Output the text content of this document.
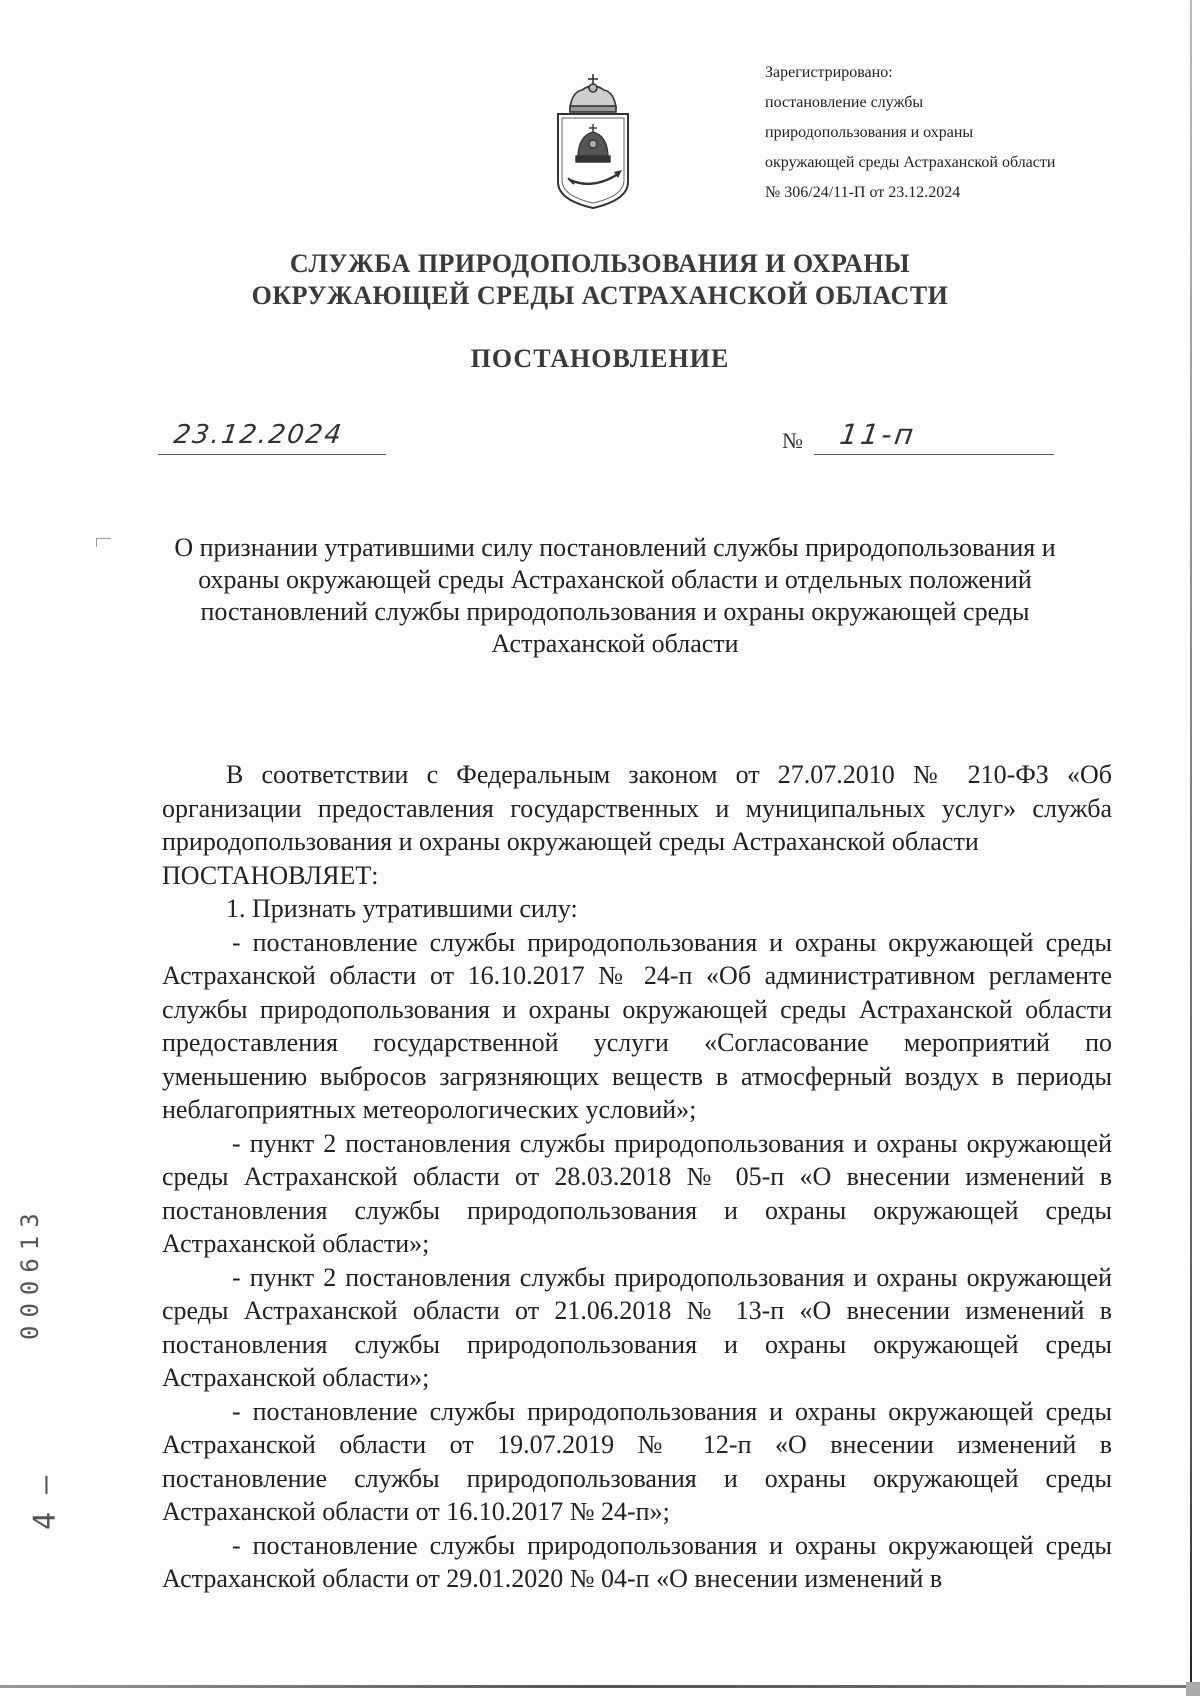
Зарегистрировано:
постановление службы
природопользования и охраны
окружающей среды Астраханской области
№ 306/24/11-П от 23.12.2024
СЛУЖБА ПРИРОДОПОЛЬЗОВАНИЯ И ОХРАНЫ
ОКРУЖАЮЩЕЙ СРЕДЫ АСТРАХАНСКОЙ ОБЛАСТИ
ПОСТАНОВЛЕНИЕ
23.12.2024	№ 11-п
О признании утратившими силу постановлений службы природопользования и охраны окружающей среды Астраханской области и отдельных положений постановлений службы природопользования и охраны окружающей среды Астраханской области

В соответствии с Федеральным законом от 27.07.2010 № 210-ФЗ «Об организации предоставления государственных и муниципальных услуг» служба природопользования и охраны окружающей среды Астраханской области

ПОСТАНОВЛЯЕТ:

1. Признать утратившими силу:

- постановление службы природопользования и охраны окружающей среды Астраханской области от 16.10.2017 № 24-п «Об административном регламенте службы природопользования и охраны окружающей среды Астраханской области предоставления государственной услуги «Согласование мероприятий по уменьшению выбросов загрязняющих веществ в атмосферный воздух в периоды неблагоприятных метеорологических условий»;

- пункт 2 постановления службы природопользования и охраны окружающей среды Астраханской области от 28.03.2018 № 05-п «О внесении изменений в постановления службы природопользования и охраны окружающей среды Астраханской области»;

- пункт 2 постановления службы природопользования и охраны окружающей среды Астраханской области от 21.06.2018 № 13-п «О внесении изменений в постановления службы природопользования и охраны окружающей среды Астраханской области»;

- постановление службы природопользования и охраны окружающей среды Астраханской области от 19.07.2019 № 12-п «О внесении изменений в постановление службы природопользования и охраны окружающей среды Астраханской области от 16.10.2017 № 24-п»;

- постановление службы природопользования и охраны окружающей среды Астраханской области от 29.01.2020 № 04-п «О внесении изменений в

000613
4 —
